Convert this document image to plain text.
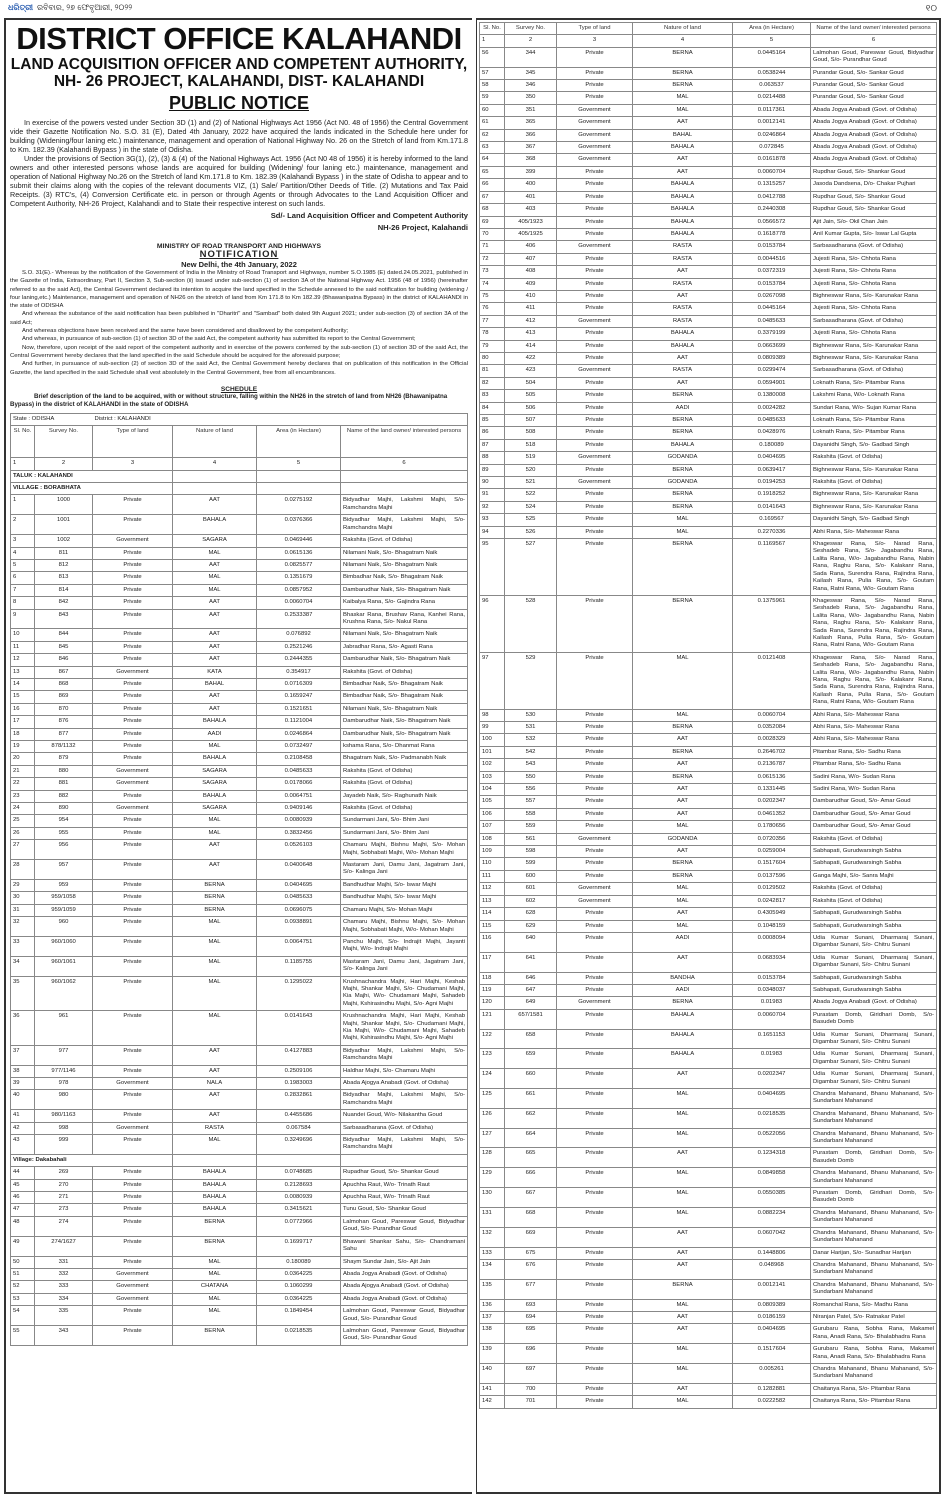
ଧରିତ୍ରୀ ରବିବାର, ୨୭ ଫେବୃଆରୀ, ୨୦୨୨	୧୦
DISTRICT OFFICE KALAHANDI
LAND ACQUISITION OFFICER AND COMPETENT AUTHORITY, NH- 26 PROJECT, KALAHANDI, DIST- KALAHANDI
PUBLIC NOTICE

In exercise of the powers vested under Section 3D (1) and (2) of National Highways Act 1956 (Act N0. 48 of 1956) the Central Government vide their Gazette Notification No. S.O. 31 (E), Dated 4th January, 2022 have acquired the lands indicated in the Schedule here under for building (Widening/four laning etc.) maintenance, management and operation of National Highway No. 26 on the Stretch of land from Km.171.8 to Km. 182.39 (Kalahandi Bypass ) in the state of Odisha.

Under the provisions of Section 3G(1), (2), (3) & (4) of the National Highways Act. 1956 (Act N0 48 of 1956) it is hereby informed to the land owners and other interested persons whose lands are acquired for building (Widening/ four laning etc.) maintenance, management and operation of National Highway No.26 on the Stretch of land Km.171.8 to Km. 182.39 (Kalahandi Bypass ) in the state of Odisha to appear and to submit their claims along with the copies of the relevant documents VIZ, (1) Sale/ Partition/Other Deeds of Title. (2) Mutations and Tax Paid Receipts. (3) RTC's, (4) Conversion Certificate etc. in person or through Agents or through Advocates to the Land Acquisition Officer and Competent Authority, NH-26 Project, Kalahandi and to State their respective interest on such lands.

Sd/- Land Acquisition Officer and Competent Authority
NH-26 Project, Kalahandi
MINISTRY OF ROAD TRANSPORT AND HIGHWAYS
NOTIFICATION
New Delhi, the 4th January, 2022

S.O. 31(E).- Whereas by the notification of the Government of India in the Ministry of Road Transport and Highways, number S.O.1985 (E) dated.24.05.2021, published in the Gazette of India, Extraordinary, Part II, Section 3, Sub-section (ii) issued under sub-section (1) of section 3A of the National Highway Act. 1956 (48 of 1956) (hereinafter referred to as the said Act), the Central Government declared its intention to acquire the land specified in the Schedule annexed to the said notification for building (widening / four laning,etc.) Maintenance, management and operation of NH26 on the stretch of land from Km 171.8 to Km 182.39 (Bhawanipatna Bypass) in the district of KALAHANDI in the state of ODISHA

And whereas the substance of the said notification has been published in "Dharitri" and "Sambad" both dated 9th August 2021; under sub-section (3) of section 3A of the said Act;

And whereas objections have been received and the same have been considered and disallowed by the competent Authority;

And whereas, in pursuance of sub-section (1) of section 3D of the said Act, the competent authority has submitted its report to the Central Government;

Now, therefore, upon receipt of the said report of the competent authority and in exercise of the powers conferred by the sub-section (1) of section 3D of the said Act, the Central Government hereby declares that the land specified in the said Schedule should be acquired for the aforesaid purpose;

And further, in pursuance of sub-section (2) of section 3D of the said Act, the Central Government hereby declares that on publication of this notification in the Official Gazette, the land specified in the said Schedule shall vest absolutely in the Central Government, free from all encumbrances.

SCHEDULE
Brief description of the land to be acquired, with or without structure, falling within the NH26 in the stretch of land from NH26 (Bhawanipatna Bypass) in the district of KALAHANDI in the state of ODISHA
State : ODISHA		District : KALAHANDI			
Sl. No.	Survey No.	Type of land	Nature of land	Area (in Hectare)	Name of the land owner/ interested persons
1	2	3	4	5	6
TALUK : KALAHANDI					
VILLAGE : BORABHATA					
1	1000	Private	AAT	0.0275192	Bidyadhar Majhi, Lakshmi Majhi, S/o- Ramchandra Majhi
2	1001	Private	BAHALA	0.0376366	Bidyadhar Majhi, Lakshmi Majhi, S/o- Ramchandra Majhi
3	1002	Government	SAGARA	0.0469446	Rakshita (Govt. of Odisha)
4	811	Private	MAL	0.0615136	Nilamani Naik, S/o- Bhagatram Naik
5	812	Private	AAT	0.0825577	Nilamani Naik, S/o- Bhagatram Naik
6	813	Private	MAL	0.1351679	Bimbadhar Naik, S/o- Bhagatram Naik
7	814	Private	MAL	0.0857952	Dambarudhar Naik, S/o- Bhagatram Naik
8	842	Private	AAT	0.0060704	Kaibalya Rana, S/o- Gajindra Rana
9	843	Private	AAT	0.2533387	Bhaskar Rana, Brushav Rana, Kanhei Rana, Krushna Rana, S/o- Nakul Rana
10	844	Private	AAT	0.076892	Nilamani Naik, S/o- Bhagatram Naik
11	845	Private	AAT	0.2521246	Jabradhar Rana, S/o- Agasti Rana
12	846	Private	AAT	0.2444355	Dambarudhar Naik, S/o- Bhagatram Naik
13	867	Government	KATA	0.354917	Rakshita (Govt. of Odisha)
14	868	Private	BAHAL	0.0716309	Bimbadhar Naik, S/o- Bhagatram Naik
15	869	Private	AAT	0.1659247	Bimbadhar Naik, S/o- Bhagatram Naik
16	870	Private	AAT	0.1521651	Nilamani Naik, S/o- Bhagatram Naik
17	876	Private	BAHALA	0.1121004	Dambarudhar Naik, S/o- Bhagatram Naik
18	877	Private	AADI	0.0246864	Dambarudhar Naik, S/o- Bhagatram Naik
19	878/1132	Private	MAL	0.0732497	kshama Rana, S/o- Dhanmat Rana
20	879	Private	BAHALA	0.2108458	Bhagatram Naik, S/o- Padmanabh Naik
21	880	Government	SAGARA	0.0485633	Rakshita (Govt. of Odisha)
22	881	Government	SAGARA	0.0178066	Rakshita (Govt. of Odisha)
23	882	Private	BAHALA	0.0064751	Jayadeb Naik, S/o- Raghunath Naik
24	890	Government	SAGARA	0.9409146	Rakshita (Govt. of Odisha)
25	954	Private	MAL	0.0080939	Sundarmani Jani, S/o- Bhim Jani
26	955	Private	MAL	0.3832456	Sundarmani Jani, S/o- Bhim Jani
27	956	Private	AAT	0.0526103	Chamaru Majhi, Bishnu Majhi, S/o- Mohan Majhi, Sobhabati Majhi, W/o- Mohan Majhi
28	957	Private	AAT	0.0400648	Mastaram Jani, Damu Jani, Jagatram Jani, S/o- Kalinga Jani
29	959	Private	BERNA	0.0404695	Bandhudhar Majhi, S/o- Iswar Majhi
30	959/1058	Private	BERNA	0.0485633	Bandhudhar Majhi, S/o- Iswar Majhi
31	959/1059	Private	BERNA	0.0696075	Chamaru Majhi, S/o- Mohan Majhi
32	960	Private	MAL	0.0938891	Chamaru Majhi, Bishnu Majhi, S/o- Mohan Majhi, Sobhabati Majhi, W/o- Mohan Majhi
33	960/1060	Private	MAL	0.0064751	Panchu Majhi, S/o- Indrajit Majhi, Jayanti Majhi, W/o- Indrajit Majhi
34	960/1061	Private	MAL	0.1185755	Mastaram Jani, Damu Jani, Jagatram Jani, S/o- Kalinga Jani
35	960/1062	Private	MAL	0.1295022	Krushnachandra Majhi, Hari Majhi, Keshab Majhi, Shankar Majhi, S/o- Chudamani Majhi, Kia Majhi, W/o- Chudamani Majhi, Sahadeb Majhi, Kshirasindhu Majhi, S/o- Agni Majhi
36	961	Private	MAL	0.0141643	Krushnachandra Majhi, Hari Majhi, Keshab Majhi, Shankar Majhi, S/o- Chudamani Majhi, Kia Majhi, W/o- Chudamani Majhi, Sahadeb Majhi, Kshirasindhu Majhi, S/o- Agni Majhi
37	977	Private	AAT	0.4127883	Bidyadhar Majhi, Lakshmi Majhi, S/o- Ramchandra Majhi
38	977/1146	Private	AAT	0.2509106	Haldhar Majhi, S/o- Chamaru Majhi
39	978	Government	NALA	0.1983003	Abada Ajogya Anabadi (Govt. of Odisha)
40	980	Private	AAT	0.2832861	Bidyadhar Majhi, Lakshmi Majhi, S/o- Ramchandra Majhi
41	980/1163	Private	AAT	0.4455686	Nuandei Goud, W/o- Nilakantha Goud
42	998	Government	RASTA	0.067584	Sarbasadharana (Govt. of Odisha)
43	999	Private	MAL	0.3249696	Bidyadhar Majhi, Lakshmi Majhi, S/o- Ramchandra Majhi
Village: Dakabahali					
44	269	Private	BAHALA	0.0748685	Rupadhar Goud, S/o- Shankar Goud
45	270	Private	BAHALA	0.2128693	Apuchha Raut, W/o- Trinath Raut
46	271	Private	BAHALA	0.0080939	Apuchha Raut, W/o- Trinath Raut
47	273	Private	BAHALA	0.3415621	Tunu Goud, S/o- Shankar Goud
48	274	Private	BERNA	0.0772966	Lalmohan Goud, Pareswar Goud, Bidyadhar Goud, S/o- Purandhar Goud
49	274/1627	Private	BERNA	0.1699717	Bhawani Shankar Sahu, S/o- Chandramani Sahu
50	331	Private	MAL	0.180089	Shaym Sundar Jain, S/o- Ajit Jain
51	332	Government	MAL	0.0364225	Abada Jogya Anabadi (Govt. of Odisha)
52	333	Government	CHATANA	0.1060299	Abada Ajogya Anabadi (Govt. of Odisha)
53	334	Government	MAL	0.0364225	Abada Jogya Anabadi (Govt. of Odisha)
54	335	Private	MAL	0.1849454	Lalmohan Goud, Pareswar Goud, Bidyadhar Goud, S/o- Purandhar Goud
55	343	Private	BERNA	0.0218535	Lalmohan Goud, Pareswar Goud, Bidyadhar Goud, S/o- Purandhar Goud
Sl. No.	Survey No.	Type of land	Nature of land	Area (in Hectare)	Name of the land owner/ interested persons
1	2	3	4	5	6
56	344	Private	BERNA	0.0445164	Lalmohan Goud, Pareswar Goud, Bidyadhar Goud, S/o- Purandhar Goud
57	345	Private	BERNA	0.0538244	Purandar Goud, S/o- Sankar Goud
58	346	Private	BERNA	0.063537	Purandar Goud, S/o- Sankar Goud
59	350	Private	MAL	0.0214488	Purandar Goud, S/o- Sankar Goud
60	351	Government	MAL	0.0117361	Abada Jogya Anabadi (Govt. of Odisha)
61	365	Government	AAT	0.0012141	Abada Jogya Anabadi (Govt. of Odisha)
62	366	Government	BAHAL	0.0246864	Abada Jogya Anabadi (Govt. of Odisha)
63	367	Government	BAHALA	0.072845	Abada Jogya Anabadi (Govt. of Odisha)
64	368	Government	AAT	0.0161878	Abada Jogya Anabadi (Govt. of Odisha)
65	399	Private	AAT	0.0060704	Rupdhar Goud, S/o- Shankar Goud
66	400	Private	BAHALA	0.1315257	Jasoda Dandsena, D/o- Chakar Pujhari
67	401	Private	BAHALA	0.0412788	Rupdhar Goud, S/o- Shankar Goud
68	403	Private	BAHALA	0.2440308	Rupdhar Goud, S/o- Shankar Goud
69	405/1923	Private	BAHALA	0.0566572	Ajit Jain, S/o- Okil Chan Jain
70	405/1925	Private	BAHALA	0.1618778	Anil Kumar Gupta, S/o- Iswar Lal Gupta
71	406	Government	RASTA	0.0153784	Sarbasadharana (Govt. of Odisha)
72	407	Private	RASTA	0.0044516	Jujesti Rana, S/o- Chhota Rana
73	408	Private	AAT	0.0372319	Jujesti Rana, S/o- Chhota Rana
74	409	Private	RASTA	0.0153784	Jujesti Rana, S/o- Chhota Rana
75	410	Private	AAT	0.0267098	Bighneswar Rana, S/o- Karunakar Rana
76	411	Private	RASTA	0.0445164	Jujesti Rana, S/o- Chhota Rana
77	412	Government	RASTA	0.0485633	Sarbasadharana (Govt. of Odisha)
78	413	Private	BAHALA	0.3379199	Jujesti Rana, S/o- Chhota Rana
79	414	Private	BAHALA	0.0663699	Bighneswar Rana, S/o- Karunakar Rana
80	422	Private	AAT	0.0809389	Bighneswar Rana, S/o- Karunakar Rana
81	423	Government	RASTA	0.0299474	Sarbasadharana (Govt. of Odisha)
82	504	Private	AAT	0.0594901	Loknath Rana, S/o- Pitambar Rana
83	505	Private	BERNA	0.1380008	Lakshmi Rana, W/o- Loknath Rana
84	506	Private	AADI	0.0024282	Sundari Rana, W/o- Sujan Kumar Rana
85	507	Private	BERNA	0.0485633	Loknath Rana, S/o- Pitambar Rana
86	508	Private	BERNA	0.0428976	Loknath Rana, S/o- Pitambar Rana
87	518	Private	BAHALA	0.180089	Dayanidhi Singh, S/o- Gadbad Singh
88	519	Government	GODANDA	0.0404695	Rakshita (Govt. of Odisha)
89	520	Private	BERNA	0.0639417	Bighneswar Rana, S/o- Karunakar Rana
90	521	Government	GODANDA	0.0194253	Rakshita (Govt. of Odisha)
91	522	Private	BERNA	0.1918252	Bighneswar Rana, S/o- Karunakar Rana
92	524	Private	BERNA	0.0141643	Bighneswar Rana, S/o- Karunakar Rana
93	525	Private	MAL	0.169567	Dayanidhi Singh, S/o- Gadbad Singh
94	526	Private	MAL	0.2270336	Abhi Rana, S/o- Maheswar Rana
95	527	Private	BERNA	0.1169567	Khageswar Rana, S/o- Narad Rana, Seshadeb Rana, S/o- Jagabandhu Rana, Lalita Rana, W/o- Jagabandhu Rana, Nabin Rana, Raghu Rana, S/o- Kalakanr Rana, Sada Rana, Surendra Rana, Rajindra Rana, Kailash Rana, Pulia Rana, S/o- Goutam Rana, Ratni Rana, W/o- Goutam Rana
96	528	Private	BERNA	0.1375961	Khageswar Rana, S/o- Narad Rana, Seshadeb Rana, S/o- Jagabandhu Rana, Lalita Rana, W/o- Jagabandhu Rana, Nabin Rana, Raghu Rana, S/o- Kalakanr Rana, Sada Rana, Surendra Rana, Rajindra Rana, Kailash Rana, Pulia Rana, S/o- Goutam Rana, Ratni Rana, W/o- Goutam Rana
97	529	Private	MAL	0.0121408	Khageswar Rana, S/o- Narad Rana, Seshadeb Rana, S/o- Jagabandhu Rana, Lalita Rana, W/o- Jagabandhu Rana, Nabin Rana, Raghu Rana, S/o- Kalakanr Rana, Sada Rana, Surendra Rana, Rajindra Rana, Kailash Rana, Pulia Rana, S/o- Goutam Rana, Ratni Rana, W/o- Goutam Rana
98	530	Private	MAL	0.0060704	Abhi Rana, S/o- Maheswar Rana
99	531	Private	BERNA	0.0352084	Abhi Rana, S/o- Maheswar Rana
100	532	Private	AAT	0.0028329	Abhi Rana, S/o- Maheswar Rana
101	542	Private	BERNA	0.2646702	Pitambar Rana, S/o- Sadhu Rana
102	543	Private	AAT	0.2136787	Pitambar Rana, S/o- Sadhu Rana
103	550	Private	BERNA	0.0615136	Sadini Rana, W/o- Sudan Rana
104	556	Private	AAT	0.1331445	Sadini Rana, W/o- Sudan Rana
105	557	Private	AAT	0.0202347	Dambarudhar Goud, S/o- Amar Goud
106	558	Private	AAT	0.0461352	Dambarudhar Goud, S/o- Amar Goud
107	559	Private	MAL	0.1780656	Dambarudhar Goud, S/o- Amar Goud
108	561	Government	GODANDA	0.0720356	Rakshita (Govt. of Odisha)
109	598	Private	AAT	0.0259004	Sabhapati, Gurudwarsingh Sabha
110	599	Private	BERNA	0.1517604	Sabhapati, Gurudwarsingh Sabha
111	600	Private	BERNA	0.0137596	Ganga Majhi, S/o- Sanra Majhi
112	601	Government	MAL	0.0129502	Rakshita (Govt. of Odisha)
113	602	Government	MAL	0.0242817	Rakshita (Govt. of Odisha)
114	628	Private	AAT	0.4305949	Sabhapati, Gurudwarsingh Sabha
115	629	Private	MAL	0.1048159	Sabhapati, Gurudwarsingh Sabha
116	640	Private	AADI	0.0008094	Udia Kumar Sunani, Dharmaraj Sunani, Digambar Sunani, S/o- Chitru Sunani
117	641	Private	AAT	0.0683934	Udia Kumar Sunani, Dharmaraj Sunani, Digambar Sunani, S/o- Chitru Sunani
118	646	Private	BANDHA	0.0153784	Sabhapati, Gurudwarsingh Sabha
119	647	Private	AADI	0.0348037	Sabhapati, Gurudwarsingh Sabha
120	649	Government	BERNA	0.01983	Abada Jogya Anabadi (Govt. of Odisha)
121	657/1581	Private	BAHALA	0.0060704	Purastam Domb, Giridhari Domb, S/o- Basudeb Domb
122	658	Private	BAHALA	0.1651153	Udia Kumar Sunani, Dharmaraj Sunani, Digambar Sunani, S/o- Chitru Sunani
123	659	Private	BAHALA	0.01983	Udia Kumar Sunani, Dharmaraj Sunani, Digambar Sunani, S/o- Chitru Sunani
124	660	Private	AAT	0.0202347	Udia Kumar Sunani, Dharmaraj Sunani, Digambar Sunani, S/o- Chitru Sunani
125	661	Private	MAL	0.0404695	Chandra Mahanand, Bhanu Mahanand, S/o- Sundarbani Mahanand
126	662	Private	MAL	0.0218535	Chandra Mahanand, Bhanu Mahanand, S/o- Sundarbani Mahanand
127	664	Private	MAL	0.0522056	Chandra Mahanand, Bhanu Mahanand, S/o- Sundarbani Mahanand
128	665	Private	AAT	0.1234318	Purastam Domb, Giridhari Domb, S/o- Basudeb Domb
129	666	Private	MAL	0.0849858	Chandra Mahanand, Bhanu Mahanand, S/o- Sundarbani Mahanand
130	667	Private	MAL	0.0550385	Purastam Domb, Giridhari Domb, S/o- Basudeb Domb
131	668	Private	MAL	0.0882234	Chandra Mahanand, Bhanu Mahanand, S/o- Sundarbani Mahanand
132	669	Private	AAT	0.0607042	Chandra Mahanand, Bhanu Mahanand, S/o- Sundarbani Mahanand
133	675	Private	AAT	0.1448806	Danar Harijan, S/o- Sunadhar Harijan
134	676	Private	AAT	0.048968	Chandra Mahanand, Bhanu Mahanand, S/o- Sundarbani Mahanand
135	677	Private	BERNA	0.0012141	Chandra Mahanand, Bhanu Mahanand, S/o- Sundarbani Mahanand
136	693	Private	MAL	0.0809389	Romanchal Rana, S/o- Madhu Rana
137	694	Private	AAT	0.0186159	Niranjan Patel, S/o- Ratnakar Patel
138	695	Private	AAT	0.0404695	Gurubaru Rana, Sobha Rana, Makamel Rana, Anadi Rana, S/o- Bhalabhadra Rana
139	696	Private	MAL	0.1517604	Gurubaru Rana, Sobha Rana, Makamel Rana, Anadi Rana, S/o- Bhalabhadra Rana
140	697	Private	MAL	0.005261	Chandra Mahanand, Bhanu Mahanand, S/o- Sundarbani Mahanand
141	700	Private	AAT	0.1282881	Chaitanya Rana, S/o- Pitambar Rana
142	701	Private	MAL	0.0222582	Chaitanya Rana, S/o- Pitambar Rana
